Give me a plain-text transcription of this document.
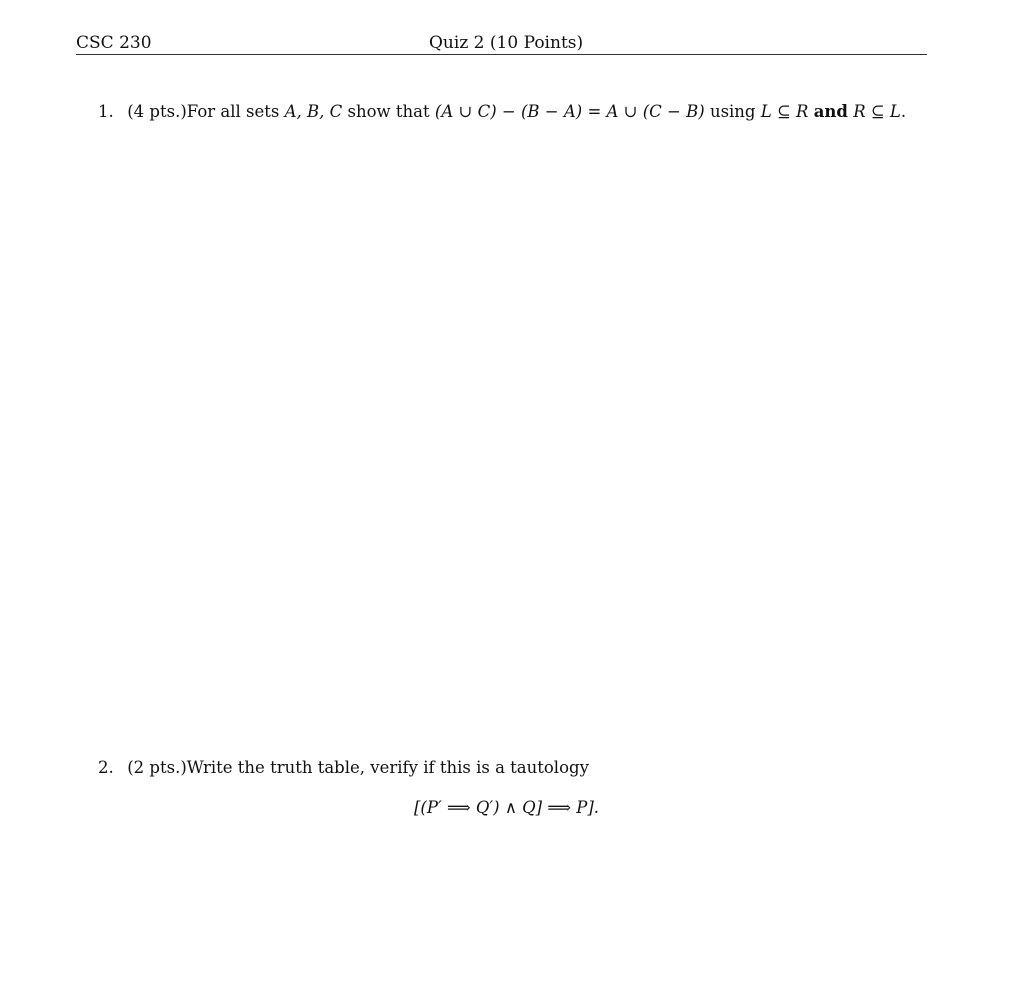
CSC 230	Quiz 2 (10 Points)
1. (4 pts.)For all sets A, B, C show that (A ∪ C) − (B − A) = A ∪ (C − B) using L ⊆ R and R ⊆ L.
2. (2 pts.)Write the truth table, verify if this is a tautology
[(P′ ⟹ Q′) ∧ Q] ⟹ P].
